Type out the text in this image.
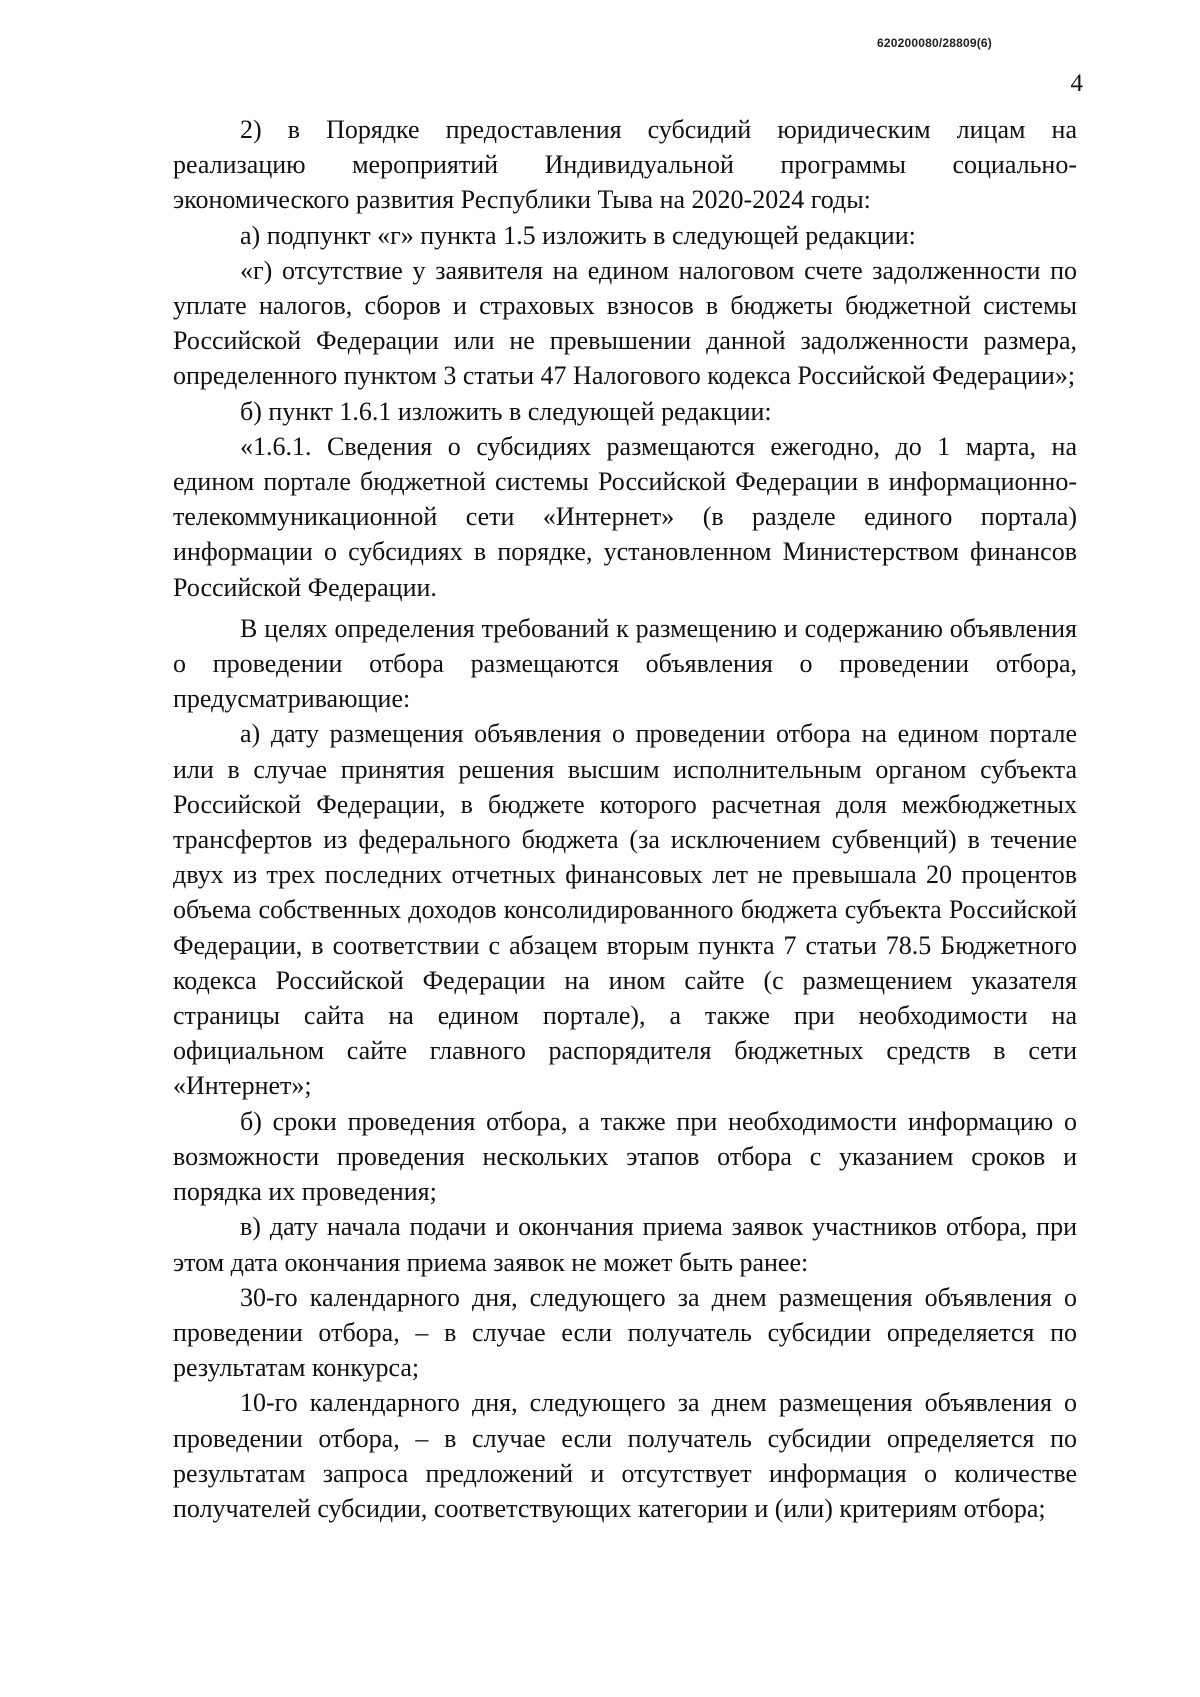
620200080/28809(6)
4

2) в Порядке предоставления субсидий юридическим лицам на реализацию мероприятий Индивидуальной программы социально-экономического развития Республики Тыва на 2020-2024 годы:

а) подпункт «г» пункта 1.5 изложить в следующей редакции:

«г) отсутствие у заявителя на едином налоговом счете задолженности по уплате налогов, сборов и страховых взносов в бюджеты бюджетной системы Российской Федерации или не превышении данной задолженности размера, определенного пунктом 3 статьи 47 Налогового кодекса Российской Федерации»;

б) пункт 1.6.1 изложить в следующей редакции:

«1.6.1. Сведения о субсидиях размещаются ежегодно, до 1 марта, на едином портале бюджетной системы Российской Федерации в информационно-телекоммуникационной сети «Интернет» (в разделе единого портала) информации о субсидиях в порядке, установленном Министерством финансов Российской Федерации.

В целях определения требований к размещению и содержанию объявления о проведении отбора размещаются объявления о проведении отбора, предусматривающие:

а) дату размещения объявления о проведении отбора на едином портале или в случае принятия решения высшим исполнительным органом субъекта Российской Федерации, в бюджете которого расчетная доля межбюджетных трансфертов из федерального бюджета (за исключением субвенций) в течение двух из трех последних отчетных финансовых лет не превышала 20 процентов объема собственных доходов консолидированного бюджета субъекта Российской Федерации, в соответствии с абзацем вторым пункта 7 статьи 78.5 Бюджетного кодекса Российской Федерации на ином сайте (с размещением указателя страницы сайта на едином портале), а также при необходимости на официальном сайте главного распорядителя бюджетных средств в сети «Интернет»;

б) сроки проведения отбора, а также при необходимости информацию о возможности проведения нескольких этапов отбора с указанием сроков и порядка их проведения;

в) дату начала подачи и окончания приема заявок участников отбора, при этом дата окончания приема заявок не может быть ранее:

30-го календарного дня, следующего за днем размещения объявления о проведении отбора, – в случае если получатель субсидии определяется по результатам конкурса;

10-го календарного дня, следующего за днем размещения объявления о проведении отбора, – в случае если получатель субсидии определяется по результатам запроса предложений и отсутствует информация о количестве получателей субсидии, соответствующих категории и (или) критериям отбора;
